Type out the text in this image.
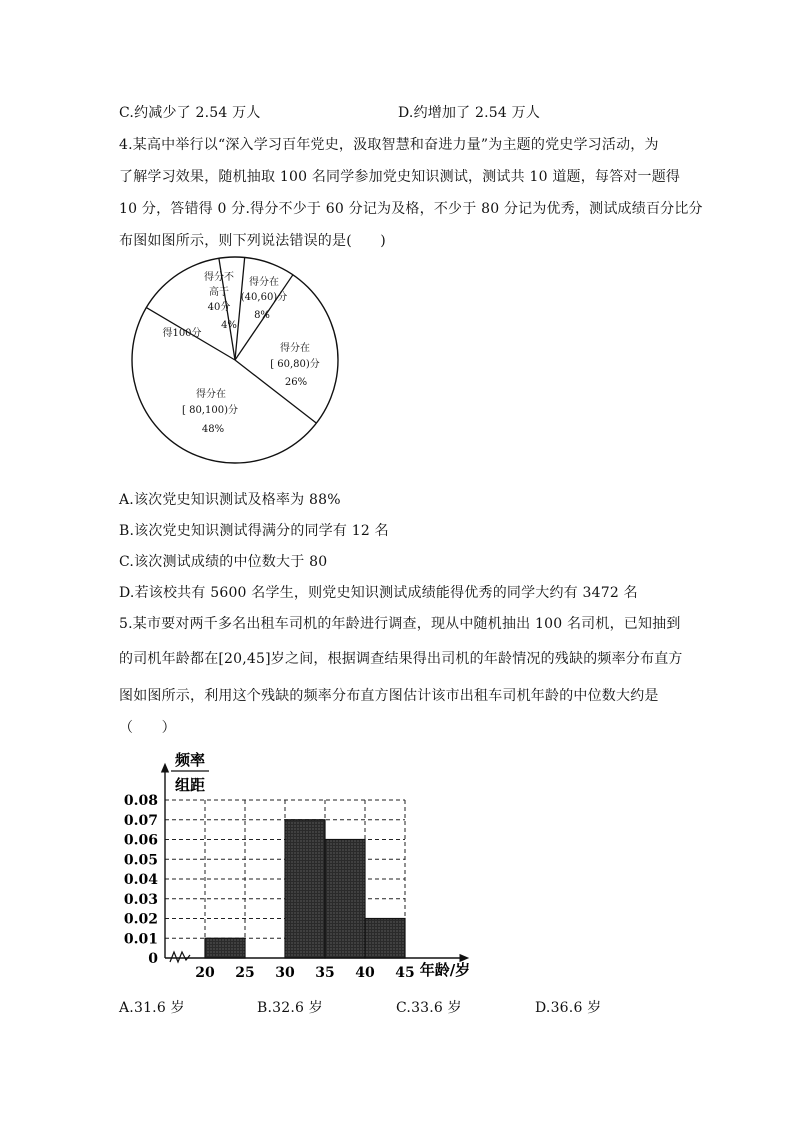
C.约减少了 2.54 万人	D.约增加了 2.54 万人
4.某高中举行以“深入学习百年党史，汲取智慧和奋进力量”为主题的党史学习活动，为
了解学习效果，随机抽取 100 名同学参加党史知识测试，测试共 10 道题，每答对一题得
10 分，答错得 0 分.得分不少于 60 分记为及格，不少于 80 分记为优秀，测试成绩百分比分
布图如图所示，则下列说法错误的是(　　)
得分不
高于
40分
4%
得分在
(40,60)分
8%
得分在
[ 60,80)分
26%
得分在
[ 80,100)分
48%
得100分
A.该次党史知识测试及格率为 88%
B.该次党史知识测试得满分的同学有 12 名
C.该次测试成绩的中位数大于 80
D.若该校共有 5600 名学生，则党史知识测试成绩能得优秀的同学大约有 3472 名
5.某市要对两千多名出租车司机的年龄进行调查，现从中随机抽出 100 名司机，已知抽到
的司机年龄都在[20,45]岁之间，根据调查结果得出司机的年龄情况的残缺的频率分布直方
图如图所示，利用这个残缺的频率分布直方图估计该市出租车司机年龄的中位数大约是
（　　）
频率
组距
0.08
0.07
0.06
0.05
0.04
0.03
0.02
0.01
0
20 25 30 35 40 45 年龄/岁
A.31.6 岁	B.32.6 岁	C.33.6 岁	D.36.6 岁
